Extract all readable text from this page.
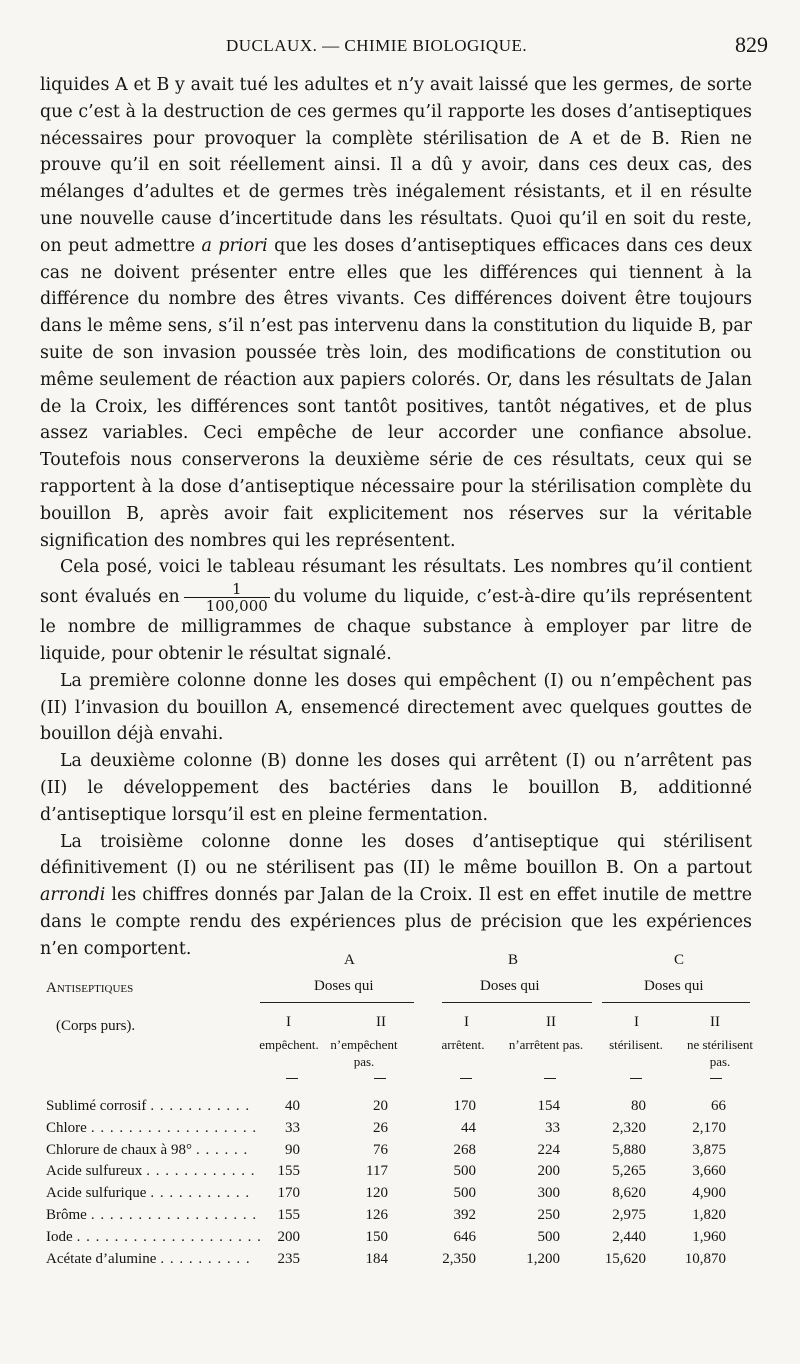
DUCLAUX. — CHIMIE BIOLOGIQUE.	829

liquides A et B y avait tué les adultes et n’y avait laissé que les germes, de sorte que c’est à la destruction de ces germes qu’il rapporte les doses d’antiseptiques nécessaires pour provoquer la complète stérilisation de A et de B. Rien ne prouve qu’il en soit réellement ainsi. Il a dû y avoir, dans ces deux cas, des mélanges d’adultes et de germes très inégalement résistants, et il en résulte une nouvelle cause d’incertitude dans les résultats. Quoi qu’il en soit du reste, on peut admettre a priori que les doses d’antiseptiques efficaces dans ces deux cas ne doivent présenter entre elles que les différences qui tiennent à la différence du nombre des êtres vivants. Ces différences doivent être toujours dans le même sens, s’il n’est pas intervenu dans la constitution du liquide B, par suite de son invasion poussée très loin, des modifications de constitution ou même seulement de réaction aux papiers colorés. Or, dans les résultats de Jalan de la Croix, les différences sont tantôt positives, tantôt négatives, et de plus assez variables. Ceci empêche de leur accorder une confiance absolue. Toutefois nous conserverons la deuxième série de ces résultats, ceux qui se rapportent à la dose d’antiseptique nécessaire pour la stérilisation complète du bouillon B, après avoir fait explicitement nos réserves sur la véritable signification des nombres qui les représentent.

Cela posé, voici le tableau résumant les résultats. Les nombres qu’il contient sont évalués en $\frac{1}{100,000}$ du volume du liquide, c’est-à-dire qu’ils représentent le nombre de milligrammes de chaque substance à employer par litre de liquide, pour obtenir le résultat signalé.

La première colonne donne les doses qui empêchent (I) ou n’empêchent pas (II) l’invasion du bouillon A, ensemencé directement avec quelques gouttes de bouillon déjà envahi.

La deuxième colonne (B) donne les doses qui arrêtent (I) ou n’arrêtent pas (II) le développement des bactéries dans le bouillon B, additionné d’antiseptique lorsqu’il est en pleine fermentation.

La troisième colonne donne les doses d’antiseptique qui stérilisent définitivement (I) ou ne stérilisent pas (II) le même bouillon B. On a partout arrondi les chiffres donnés par Jalan de la Croix. Il est en effet inutile de mettre dans le compte rendu des expériences plus de précision que les expériences n’en comportent.

A	B	C
Antiseptiques
(Corps purs).
Doses qui	Doses qui	Doses qui
I	II	I	II	I	II
empêchent. n’empêchent pas.
arrêtent.	n’arrêtent pas.	stérilisent.	ne stérilisent pas.
Sublimé corrosif . . . . . . . . . . .	40	20	170	154	80	66
Chlore . . . . . . . . . . . . . . . . . .	33	26	44	33	2,320	2,170
Chlorure de chaux à 98° . . . . . .	90	76	268	224	5,880	3,875
Acide sulfureux . . . . . . . . . . . .	155	117	500	200	5,265	3,660
Acide sulfurique . . . . . . . . . . .	170	120	500	300	8,620	4,900
Brôme . . . . . . . . . . . . . . . . . .	155	126	392	250	2,975	1,820
Iode . . . . . . . . . . . . . . . . . . . .	200	150	646	500	2,440	1,960
Acétate d’alumine . . . . . . . . . .	235	184	2,350	1,200	15,620	10,870
